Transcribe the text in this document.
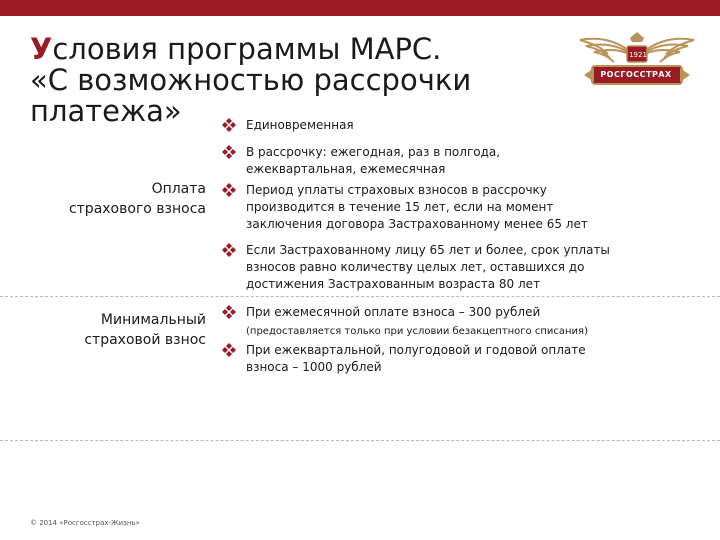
Условия программы МАРС.
«С возможностью рассрочки
платежа»
1921
РОСГОССТРАХ
Оплата
страхового взноса
Минимальный
страховой взнос
Единовременная
В рассрочку: ежегодная, раз в полгода,
ежеквартальная, ежемесячная
Период уплаты страховых взносов в рассрочку
производится в течение 15 лет, если на момент
заключения договора Застрахованному менее 65 лет
Если Застрахованному лицу 65 лет и более, срок уплаты
взносов равно количеству целых лет, оставшихся до
достижения Застрахованным возраста 80 лет
При ежемесячной оплате взноса – 300 рублей
(предоставляется только при условии безакцептного списания)
При ежеквартальной, полугодовой и годовой оплате
взноса – 1000 рублей
© 2014 «Росгосстрах-Жизнь»
